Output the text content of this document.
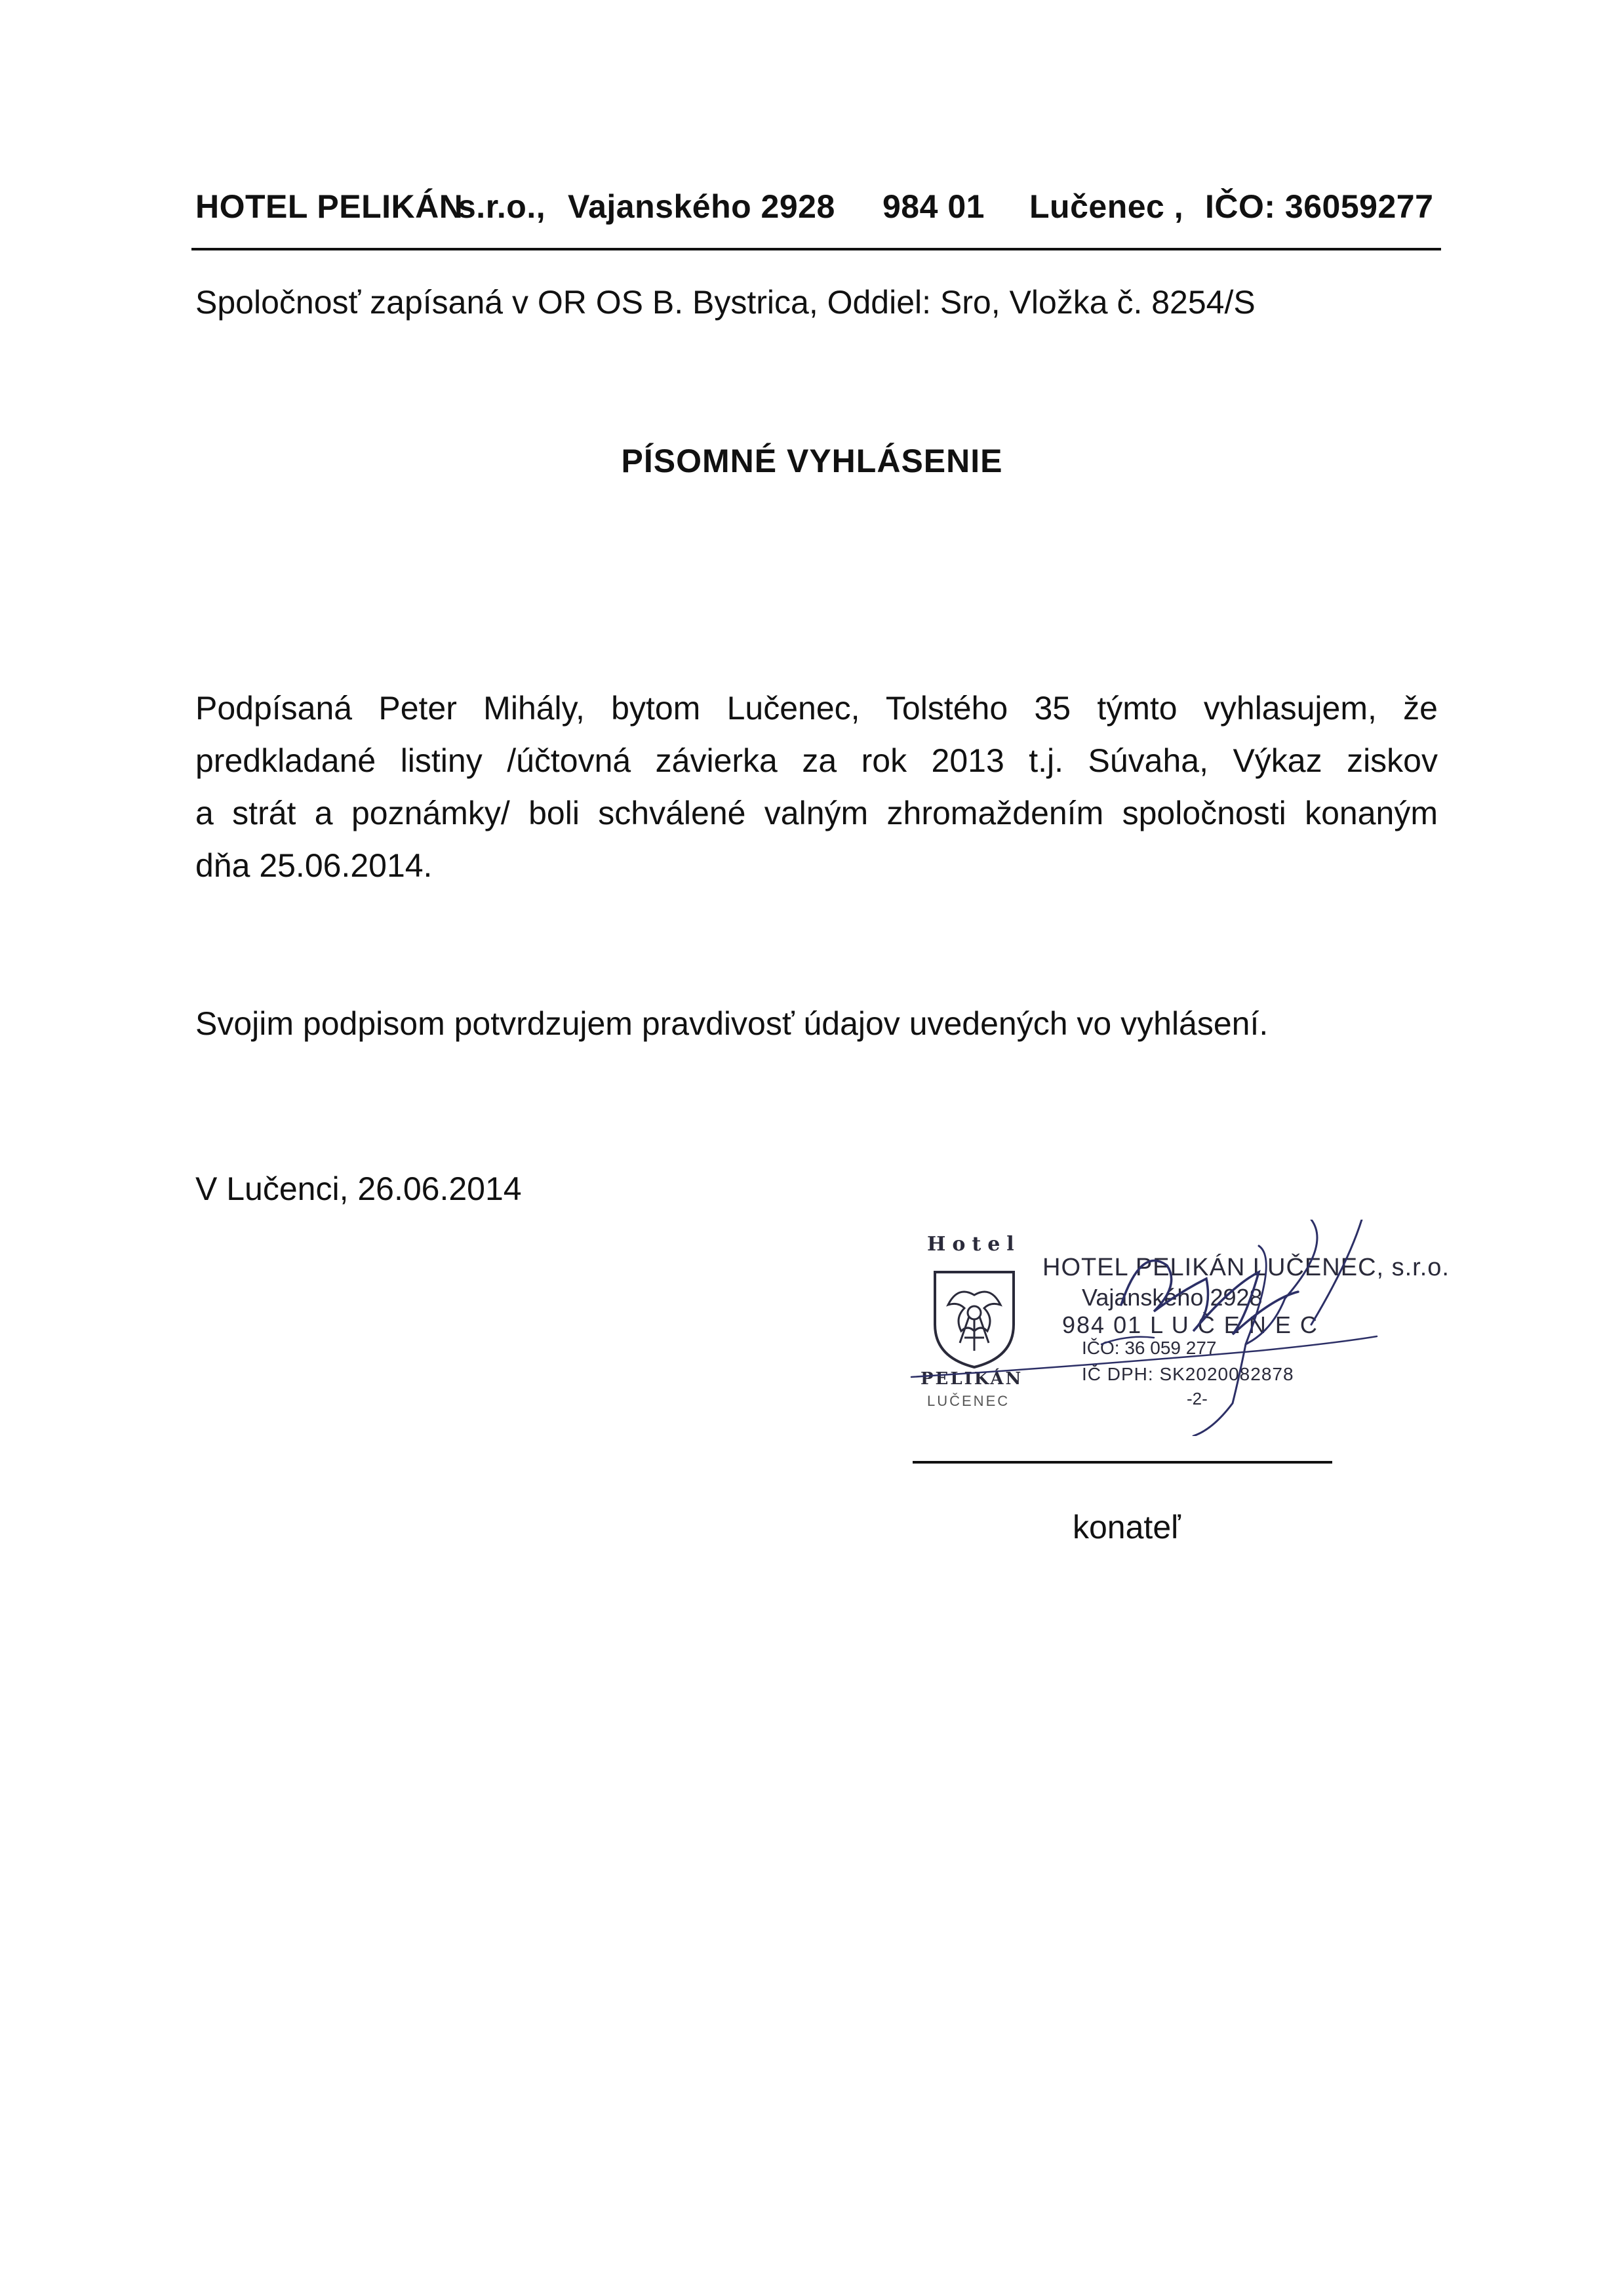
HOTEL PELIKÁN
s.r.o., Vajanského 2928 984 01 Lučenec , IČO: 36059277
Spoločnosť zapísaná v OR OS B. Bystrica, Oddiel: Sro, Vložka č. 8254/S
PÍSOMNÉ VYHLÁSENIE
Podpísaná Peter Mihály, bytom Lučenec, Tolstého 35 týmto vyhlasujem, že
predkladané listiny /účtovná závierka za rok 2013 t.j. Súvaha, Výkaz ziskov
a strát a poznámky/ boli schválené valným zhromaždením spoločnosti konaným
dňa 25.06.2014.
Svojim podpisom potvrdzujem pravdivosť údajov uvedených vo vyhlásení.
V Lučenci, 26.06.2014
Hotel
PELIKÁN
LUČENEC
HOTEL PELIKÁN LUČENEC, s.r.o.
Vajanského 2928
984 01 L U Č E N E C
IČO: 36 059 277
IČ DPH: SK2020082878
-2-
konateľ
